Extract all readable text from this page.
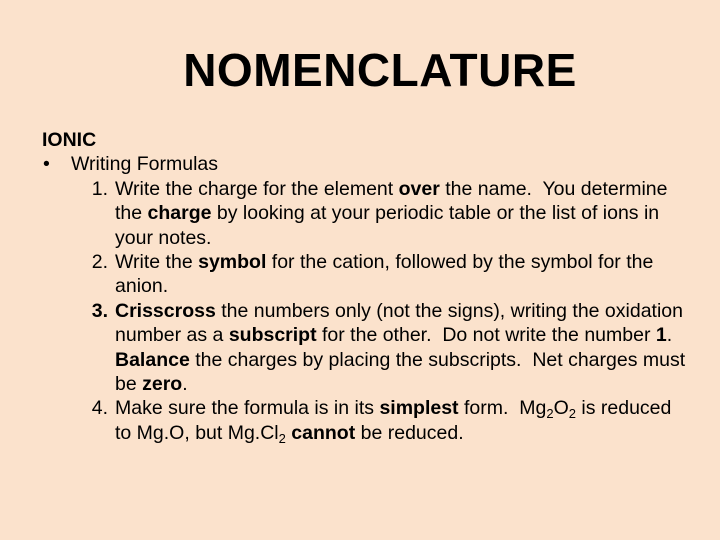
NOMENCLATURE

IONIC

•	Writing Formulas
1. Write the charge for the element over the name.  You determine the charge by looking at your periodic table or the list of ions in your notes.
2. Write the symbol for the cation, followed by the symbol for the anion.
3. Crisscross the numbers only (not the signs), writing the oxidation number as a subscript for the other.  Do not write the number 1.  Balance the charges by placing the subscripts.  Net charges must be zero.
4. Make sure the formula is in its simplest form.  $Mg_2O_2$ is reduced to Mg.O, but $Mg.Cl_2$ cannot be reduced.
